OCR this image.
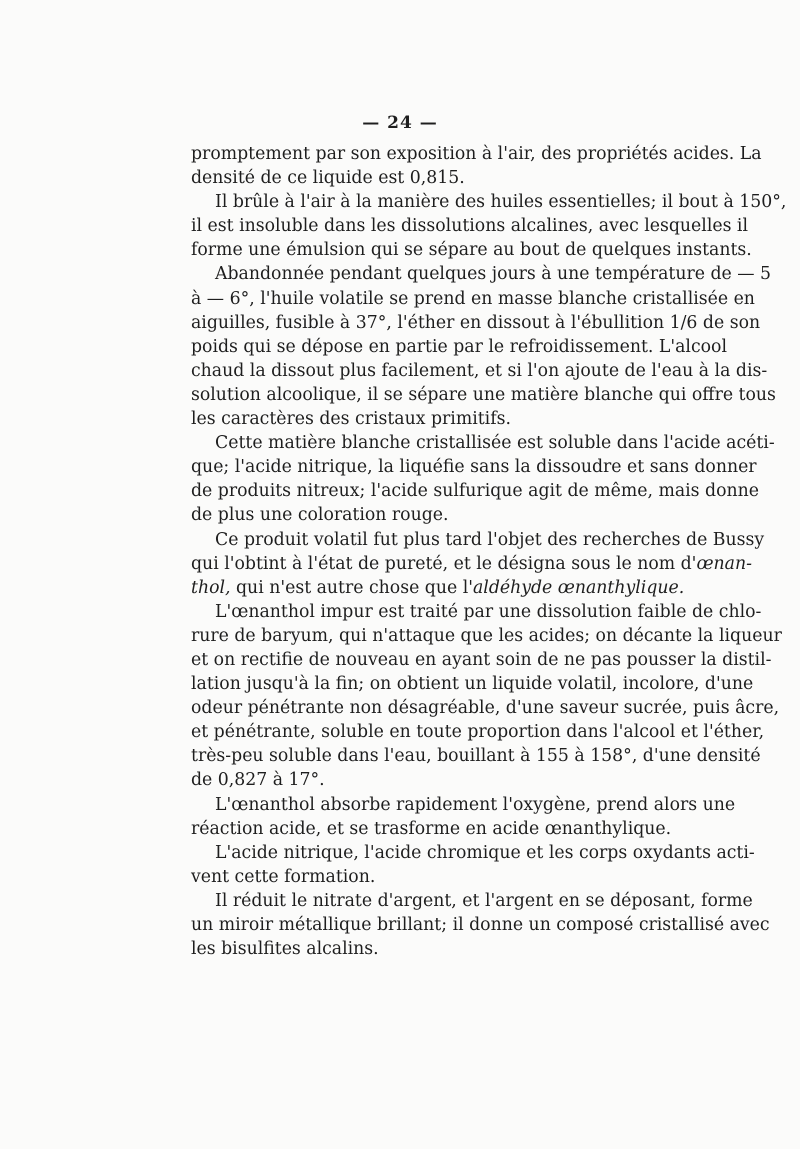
— 24 —
promptement par son exposition à l'air, des propriétés acides. La
densité de ce liquide est 0,815.
Il brûle à l'air à la manière des huiles essentielles; il bout à 150°,
il est insoluble dans les dissolutions alcalines, avec lesquelles il
forme une émulsion qui se sépare au bout de quelques instants.
Abandonnée pendant quelques jours à une température de — 5
à — 6°, l'huile volatile se prend en masse blanche cristallisée en
aiguilles, fusible à 37°, l'éther en dissout à l'ébullition 1/6 de son
poids qui se dépose en partie par le refroidissement. L'alcool
chaud la dissout plus facilement, et si l'on ajoute de l'eau à la dis-
solution alcoolique, il se sépare une matière blanche qui offre tous
les caractères des cristaux primitifs.
Cette matière blanche cristallisée est soluble dans l'acide acéti-
que; l'acide nitrique, la liquéfie sans la dissoudre et sans donner
de produits nitreux; l'acide sulfurique agit de même, mais donne
de plus une coloration rouge.
Ce produit volatil fut plus tard l'objet des recherches de Bussy
qui l'obtint à l'état de pureté, et le désigna sous le nom d'œnan-
thol, qui n'est autre chose que l'aldéhyde œnanthylique.
L'œnanthol impur est traité par une dissolution faible de chlo-
rure de baryum, qui n'attaque que les acides; on décante la liqueur
et on rectifie de nouveau en ayant soin de ne pas pousser la distil-
lation jusqu'à la fin; on obtient un liquide volatil, incolore, d'une
odeur pénétrante non désagréable, d'une saveur sucrée, puis âcre,
et pénétrante, soluble en toute proportion dans l'alcool et l'éther,
très-peu soluble dans l'eau, bouillant à 155 à 158°, d'une densité
de 0,827 à 17°.
L'œnanthol absorbe rapidement l'oxygène, prend alors une
réaction acide, et se trasforme en acide œnanthylique.
L'acide nitrique, l'acide chromique et les corps oxydants acti-
vent cette formation.
Il réduit le nitrate d'argent, et l'argent en se déposant, forme
un miroir métallique brillant; il donne un composé cristallisé avec
les bisulfites alcalins.
